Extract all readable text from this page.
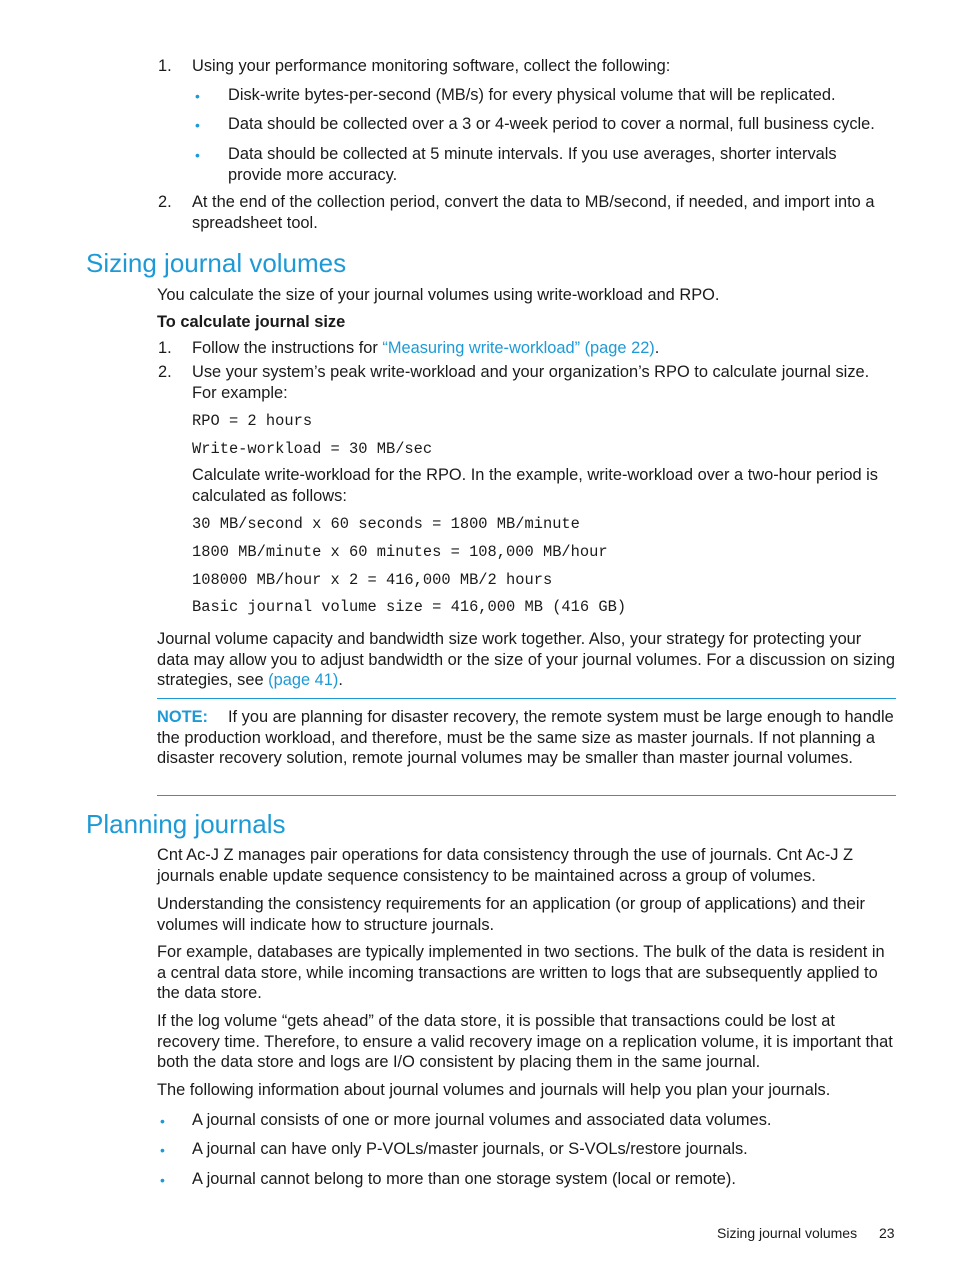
1.	Using your performance monitoring software, collect the following:
• Disk-write bytes-per-second (MB/s) for every physical volume that will be replicated.
• Data should be collected over a 3 or 4-week period to cover a normal, full business cycle.
• Data should be collected at 5 minute intervals. If you use averages, shorter intervals provide more accuracy.
2.	At the end of the collection period, convert the data to MB/second, if needed, and import into a spreadsheet tool.
Sizing journal volumes
You calculate the size of your journal volumes using write-workload and RPO.
To calculate journal size
1.	Follow the instructions for “Measuring write-workload” (page 22).
2.	Use your system’s peak write-workload and your organization’s RPO to calculate journal size. For example:
RPO = 2 hours
Write-workload = 30 MB/sec
Calculate write-workload for the RPO. In the example, write-workload over a two-hour period is calculated as follows:
30 MB/second x 60 seconds = 1800 MB/minute
1800 MB/minute x 60 minutes = 108,000 MB/hour
108000 MB/hour x 2 = 416,000 MB/2 hours
Basic journal volume size = 416,000 MB (416 GB)
Journal volume capacity and bandwidth size work together. Also, your strategy for protecting your data may allow you to adjust bandwidth or the size of your journal volumes. For a discussion on sizing strategies, see (page 41).
NOTE: If you are planning for disaster recovery, the remote system must be large enough to handle the production workload, and therefore, must be the same size as master journals. If not planning a disaster recovery solution, remote journal volumes may be smaller than master journal volumes.
Planning journals
Cnt Ac-J Z manages pair operations for data consistency through the use of journals. Cnt Ac-J Z journals enable update sequence consistency to be maintained across a group of volumes.
Understanding the consistency requirements for an application (or group of applications) and their volumes will indicate how to structure journals.
For example, databases are typically implemented in two sections. The bulk of the data is resident in a central data store, while incoming transactions are written to logs that are subsequently applied to the data store.
If the log volume “gets ahead” of the data store, it is possible that transactions could be lost at recovery time. Therefore, to ensure a valid recovery image on a replication volume, it is important that both the data store and logs are I/O consistent by placing them in the same journal.
The following information about journal volumes and journals will help you plan your journals.
• A journal consists of one or more journal volumes and associated data volumes.
• A journal can have only P-VOLs/master journals, or S-VOLs/restore journals.
• A journal cannot belong to more than one storage system (local or remote).
Sizing journal volumes 23
